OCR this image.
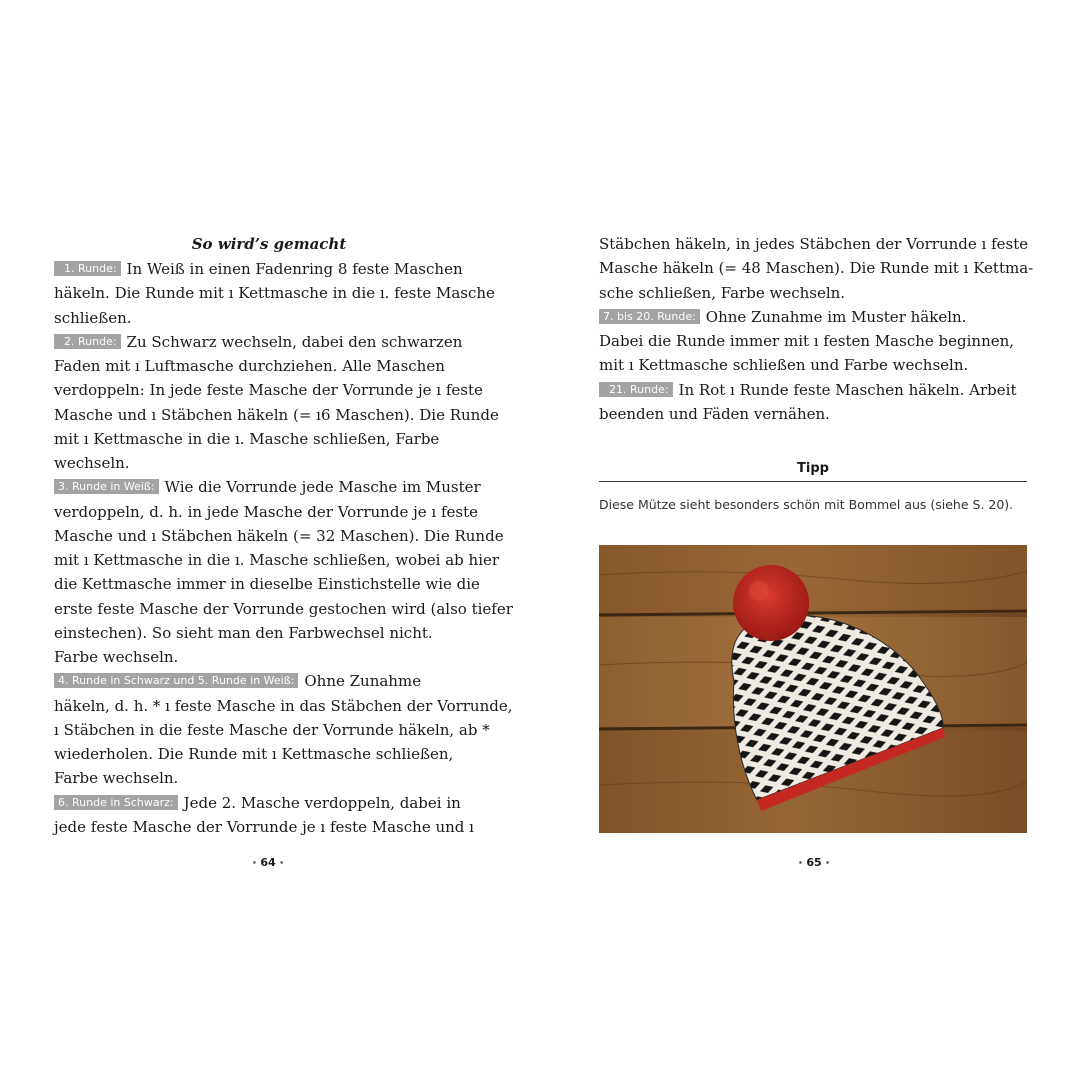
So wird’s gemacht
1. Runde: In Weiß in einen Fadenring 8 feste Maschen
häkeln. Die Runde mit ı Kettmasche in die ı. feste Masche
schließen.
2. Runde: Zu Schwarz wechseln, dabei den schwarzen
Faden mit ı Luftmasche durchziehen. Alle Maschen
verdoppeln: In jede feste Masche der Vorrunde je ı feste
Masche und ı Stäbchen häkeln (= ı6 Maschen). Die Runde
mit ı Kettmasche in die ı. Masche schließen, Farbe
wechseln.
3. Runde in Weiß: Wie die Vorrunde jede Masche im Muster
verdoppeln, d. h. in jede Masche der Vorrunde je ı feste
Masche und ı Stäbchen häkeln (= 32 Maschen). Die Runde
mit ı Kettmasche in die ı. Masche schließen, wobei ab hier
die Kettmasche immer in dieselbe Einstichstelle wie die
erste feste Masche der Vorrunde gestochen wird (also tiefer
einstechen). So sieht man den Farbwechsel nicht.
Farbe wechseln.
4. Runde in Schwarz und 5. Runde in Weiß: Ohne Zunahme
häkeln, d. h. * ı feste Masche in das Stäbchen der Vorrunde,
ı Stäbchen in die feste Masche der Vorrunde häkeln, ab *
wiederholen. Die Runde mit ı Kettmasche schließen,
Farbe wechseln.
6. Runde in Schwarz: Jede 2. Masche verdoppeln, dabei in
jede feste Masche der Vorrunde je ı feste Masche und ı
· 64 ·
Stäbchen häkeln, in jedes Stäbchen der Vorrunde ı feste
Masche häkeln (= 48 Maschen). Die Runde mit ı Kettma-
sche schließen, Farbe wechseln.
7. bis 20. Runde: Ohne Zunahme im Muster häkeln.
Dabei die Runde immer mit ı festen Masche beginnen,
mit ı Kettmasche schließen und Farbe wechseln.
21. Runde: In Rot ı Runde feste Maschen häkeln. Arbeit
beenden und Fäden vernähen.
Tipp
Diese Mütze sieht besonders schön mit Bommel aus (siehe S. 20).
· 65 ·
